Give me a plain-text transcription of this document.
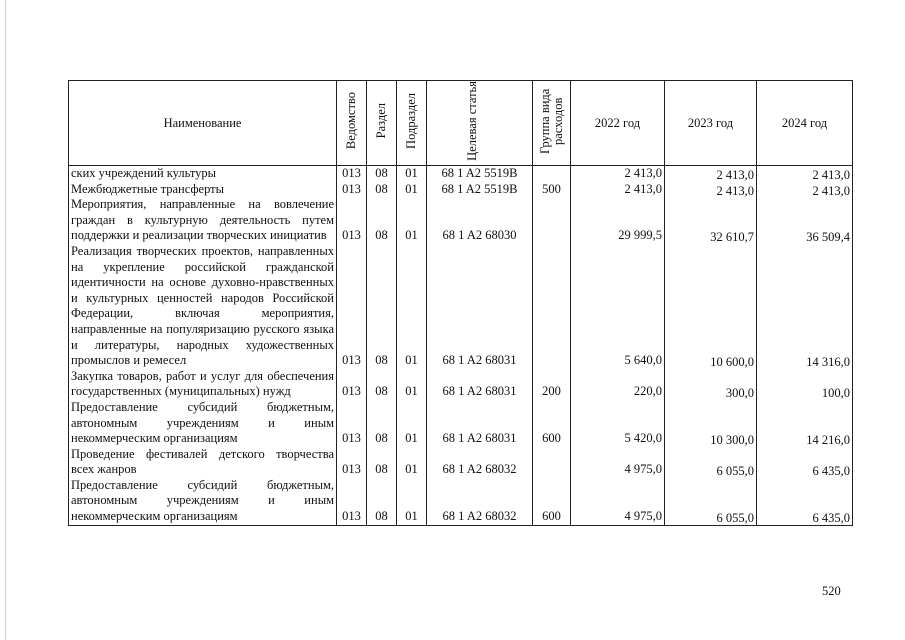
Наименование	Ведомство	Раздел	Подраздел	Целевая статья	Группа вида расходов	2022 год	2023 год	2024 год
ских учреждений культуры	013	08	01	68 1 A2 5519B		2 413,0	2 413,0	2 413,0
Межбюджетные трансферты	013	08	01	68 1 A2 5519B	500	2 413,0	2 413,0	2 413,0
Мероприятия, направленные на вовлечение граждан в культурную деятельность путем поддержки и реализации творческих инициатив	013	08	01	68 1 A2 68030		29 999,5	32 610,7	36 509,4
Реализация творческих проектов, направленных на укрепление российской гражданской идентичности на основе духовно-нравственных и культурных ценностей народов Российской Федерации, включая мероприятия, направленные на популяризацию русского языка и литературы, народных художественных промыслов и ремесел	013	08	01	68 1 A2 68031		5 640,0	10 600,0	14 316,0
Закупка товаров, работ и услуг для обеспечения государственных (муниципальных) нужд	013	08	01	68 1 A2 68031	200	220,0	300,0	100,0
Предоставление субсидий бюджетным, автономным учреждениям и иным некоммерческим организациям	013	08	01	68 1 A2 68031	600	5 420,0	10 300,0	14 216,0
Проведение фестивалей детского творчества всех жанров	013	08	01	68 1 A2 68032		4 975,0	6 055,0	6 435,0
Предоставление субсидий бюджетным, автономным учреждениям и иным некоммерческим организациям	013	08	01	68 1 A2 68032	600	4 975,0	6 055,0	6 435,0
520
